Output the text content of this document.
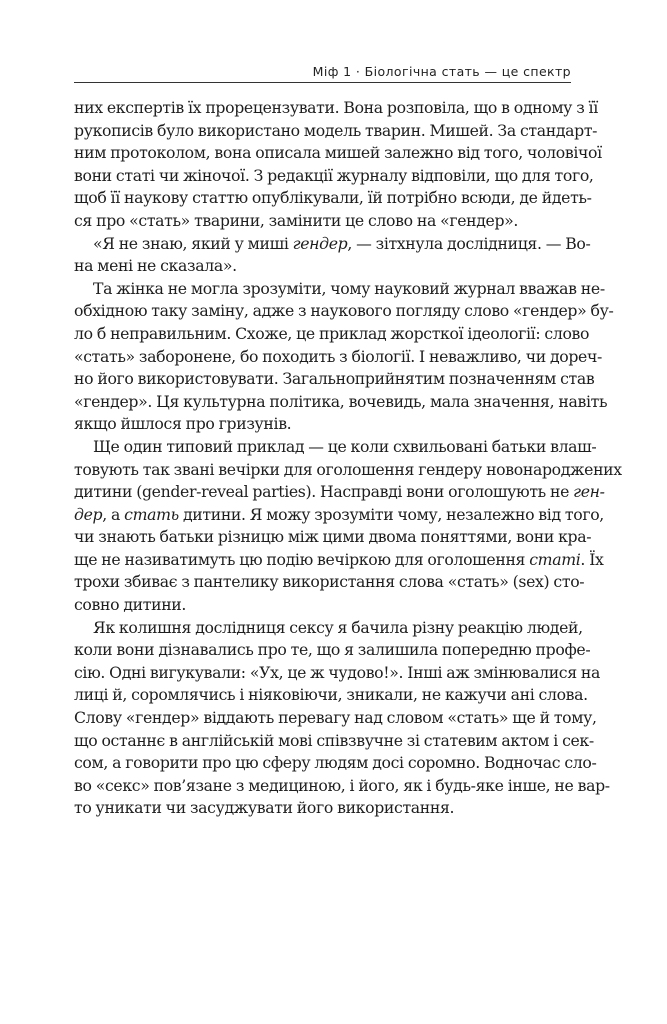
Міф 1 · Біологічна стать — це спектр
них експертів їх прорецензувати. Вона розповіла, що в одному з її
рукописів було використано модель тварин. Мишей. За стандарт-
ним протоколом, вона описала мишей залежно від того, чоловічої
вони статі чи жіночої. З редакції журналу відповіли, що для того,
щоб її наукову статтю опублікували, їй потрібно всюди, де йдеть-
ся про «стать» тварини, замінити це слово на «гендер».
«Я не знаю, який у миші гендер, — зітхнула дослідниця. — Во-
на мені не сказала».
Та жінка не могла зрозуміти, чому науковий журнал вважав не-
обхідною таку заміну, адже з наукового погляду слово «гендер» бу-
ло б неправильним. Схоже, це приклад жорсткої ідеології: слово
«стать» заборонене, бо походить з біології. І неважливо, чи дореч-
но його використовувати. Загальноприйнятим позначенням став
«гендер». Ця культурна політика, вочевидь, мала значення, навіть
якщо йшлося про гризунів.
Ще один типовий приклад — це коли схвильовані батьки влаш-
товують так звані вечірки для оголошення гендеру новонароджених
дитини (gender-reveal parties). Насправді вони оголошують не ген-
дер, а стать дитини. Я можу зрозуміти чому, незалежно від того,
чи знають батьки різницю між цими двома поняттями, вони кра-
ще не називатимуть цю подію вечіркою для оголошення статі. Їх
трохи збиває з пантелику використання слова «стать» (sex) сто-
совно дитини.
Як колишня дослідниця сексу я бачила різну реакцію людей,
коли вони дізнавались про те, що я залишила попередню профе-
сію. Одні вигукували: «Ух, це ж чудово!». Інші аж змінювалися на
лиці й, соромлячись і ніяковіючи, зникали, не кажучи ані слова.
Слову «гендер» віддають перевагу над словом «стать» ще й тому,
що останнє в англійській мові співзвучне зі статевим актом і сек-
сом, а говорити про цю сферу людям досі соромно. Водночас сло-
во «секс» пов’язане з медициною, і його, як і будь-яке інше, не вар-
то уникати чи засуджувати його використання.
